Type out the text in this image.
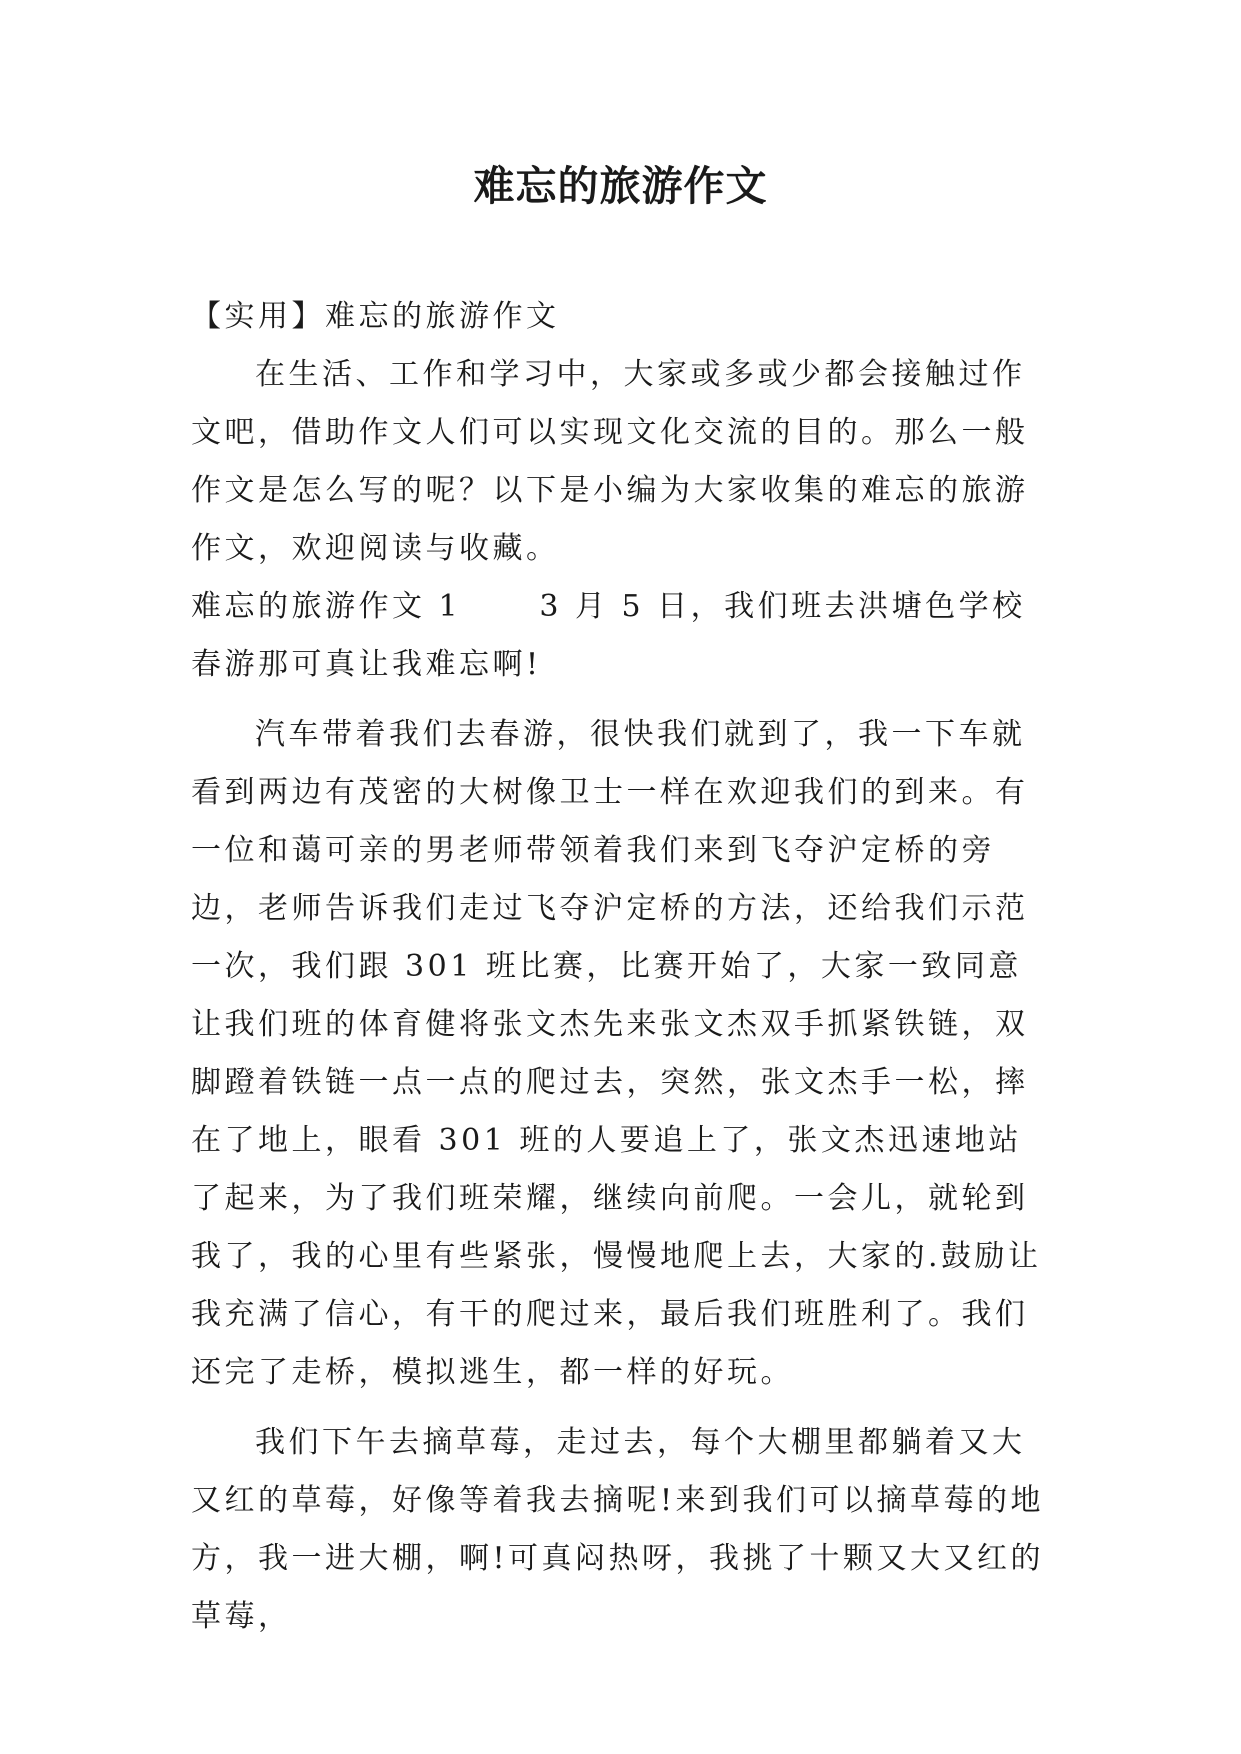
难忘的旅游作文

【实用】难忘的旅游作文

在生活、工作和学习中，大家或多或少都会接触过作文吧，借助作文人们可以实现文化交流的目的。那么一般作文是怎么写的呢？以下是小编为大家收集的难忘的旅游作文，欢迎阅读与收藏。

难忘的旅游作文 1	3 月 5 日，我们班去洪塘色学校春游那可真让我难忘啊!

汽车带着我们去春游，很快我们就到了，我一下车就看到两边有茂密的大树像卫士一样在欢迎我们的到来。有一位和蔼可亲的男老师带领着我们来到飞夺沪定桥的旁边，老师告诉我们走过飞夺沪定桥的方法，还给我们示范一次，我们跟 301 班比赛，比赛开始了，大家一致同意让我们班的体育健将张文杰先来张文杰双手抓紧铁链，双脚蹬着铁链一点一点的爬过去，突然，张文杰手一松，摔在了地上，眼看 301 班的人要追上了，张文杰迅速地站了起来，为了我们班荣耀，继续向前爬。一会儿，就轮到我了，我的心里有些紧张，慢慢地爬上去，大家的.鼓励让我充满了信心，有干的爬过来，最后我们班胜利了。我们还完了走桥，模拟逃生，都一样的好玩。

我们下午去摘草莓，走过去，每个大棚里都躺着又大又红的草莓，好像等着我去摘呢!来到我们可以摘草莓的地方，我一进大棚，啊!可真闷热呀，我挑了十颗又大又红的草莓，
